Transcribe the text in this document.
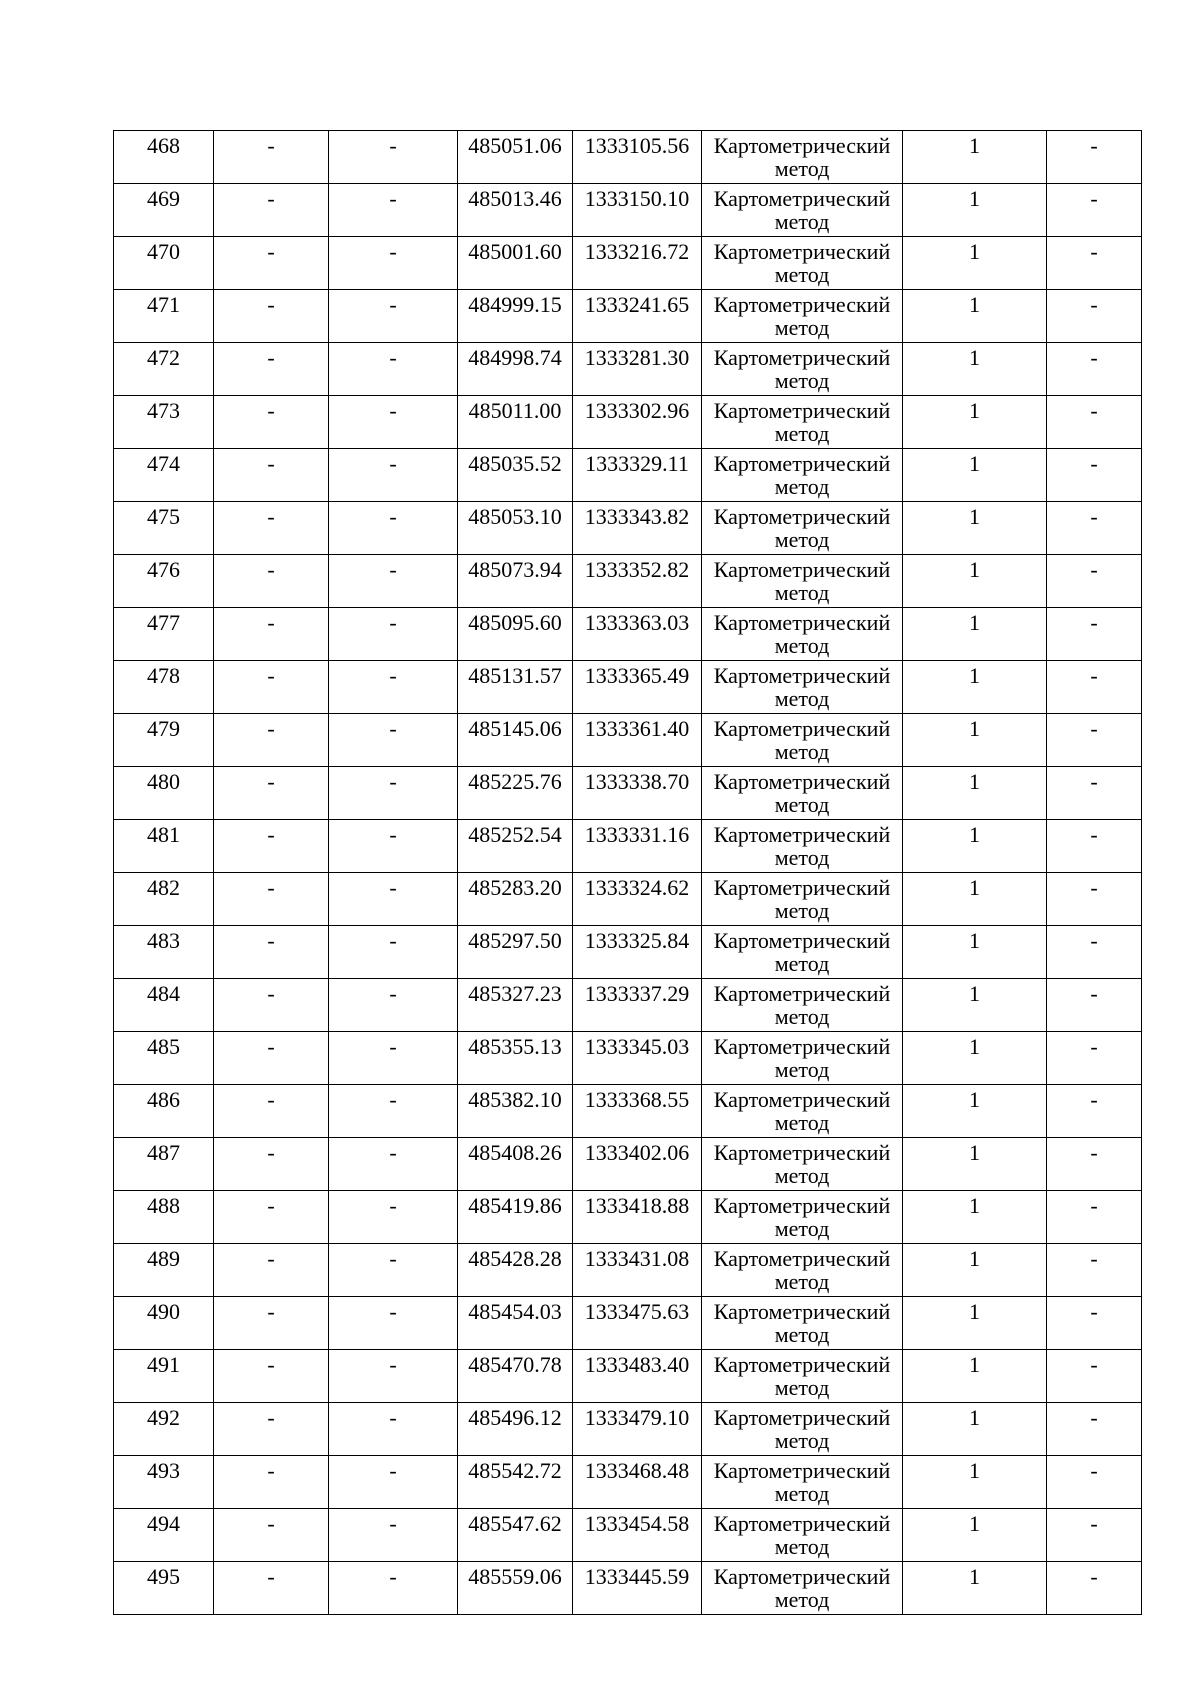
468	-	-	485051.06	1333105.56	Картометрический
метод	1	-
469	-	-	485013.46	1333150.10	Картометрический
метод	1	-
470	-	-	485001.60	1333216.72	Картометрический
метод	1	-
471	-	-	484999.15	1333241.65	Картометрический
метод	1	-
472	-	-	484998.74	1333281.30	Картометрический
метод	1	-
473	-	-	485011.00	1333302.96	Картометрический
метод	1	-
474	-	-	485035.52	1333329.11	Картометрический
метод	1	-
475	-	-	485053.10	1333343.82	Картометрический
метод	1	-
476	-	-	485073.94	1333352.82	Картометрический
метод	1	-
477	-	-	485095.60	1333363.03	Картометрический
метод	1	-
478	-	-	485131.57	1333365.49	Картометрический
метод	1	-
479	-	-	485145.06	1333361.40	Картометрический
метод	1	-
480	-	-	485225.76	1333338.70	Картометрический
метод	1	-
481	-	-	485252.54	1333331.16	Картометрический
метод	1	-
482	-	-	485283.20	1333324.62	Картометрический
метод	1	-
483	-	-	485297.50	1333325.84	Картометрический
метод	1	-
484	-	-	485327.23	1333337.29	Картометрический
метод	1	-
485	-	-	485355.13	1333345.03	Картометрический
метод	1	-
486	-	-	485382.10	1333368.55	Картометрический
метод	1	-
487	-	-	485408.26	1333402.06	Картометрический
метод	1	-
488	-	-	485419.86	1333418.88	Картометрический
метод	1	-
489	-	-	485428.28	1333431.08	Картометрический
метод	1	-
490	-	-	485454.03	1333475.63	Картометрический
метод	1	-
491	-	-	485470.78	1333483.40	Картометрический
метод	1	-
492	-	-	485496.12	1333479.10	Картометрический
метод	1	-
493	-	-	485542.72	1333468.48	Картометрический
метод	1	-
494	-	-	485547.62	1333454.58	Картометрический
метод	1	-
495	-	-	485559.06	1333445.59	Картометрический
метод	1	-
